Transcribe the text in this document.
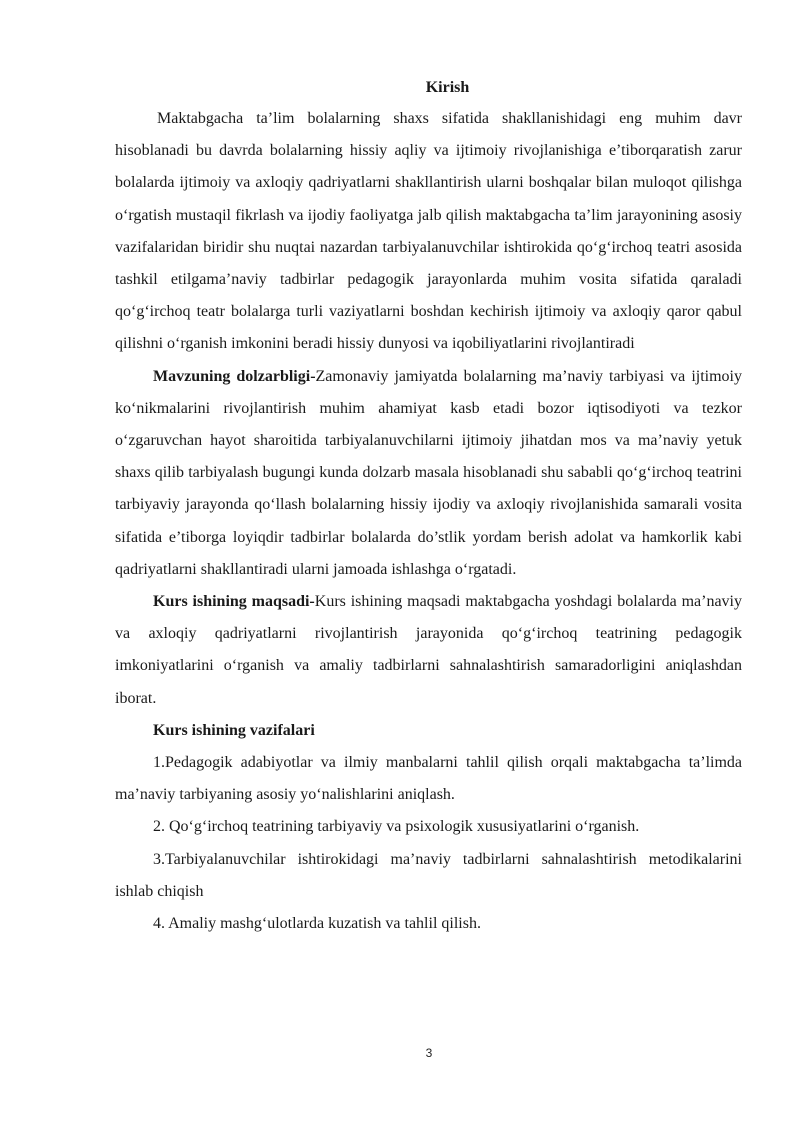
Kirish

Maktabgacha ta’lim bolalarning shaxs sifatida shakllanishidagi eng muhim davr hisoblanadi bu davrda bolalarning hissiy aqliy va ijtimoiy rivojlanishiga e’tiborqaratish zarur bolalarda ijtimoiy va axloqiy qadriyatlarni shakllantirish ularni boshqalar bilan muloqot qilishga o‘rgatish mustaqil fikrlash va ijodiy faoliyatga jalb qilish maktabgacha ta’lim jarayonining asosiy vazifalaridan biridir shu nuqtai nazardan tarbiyalanuvchilar ishtirokida qo‘g‘irchoq teatri asosida tashkil etilgama’naviy tadbirlar pedagogik jarayonlarda muhim vosita sifatida qaraladi qo‘g‘irchoq teatr bolalarga turli vaziyatlarni boshdan kechirish ijtimoiy va axloqiy qaror qabul qilishni o‘rganish imkonini beradi hissiy dunyosi va iqobiliyatlarini rivojlantiradi

Mavzuning dolzarbligi-Zamonaviy jamiyatda bolalarning ma’naviy tarbiyasi va ijtimoiy ko‘nikmalarini rivojlantirish muhim ahamiyat kasb etadi bozor iqtisodiyoti va tezkor o‘zgaruvchan hayot sharoitida tarbiyalanuvchilarni ijtimoiy jihatdan mos va ma’naviy yetuk shaxs qilib tarbiyalash bugungi kunda dolzarb masala hisoblanadi shu sababli qo‘g‘irchoq teatrini tarbiyaviy jarayonda qo‘llash bolalarning hissiy ijodiy va axloqiy rivojlanishida samarali vosita sifatida e’tiborga loyiqdir tadbirlar bolalarda do’stlik yordam berish adolat va hamkorlik kabi qadriyatlarni shakllantiradi ularni jamoada ishlashga o‘rgatadi.

Kurs ishining maqsadi-Kurs ishining maqsadi maktabgacha yoshdagi bolalarda ma’naviy va axloqiy qadriyatlarni rivojlantirish jarayonida qo‘g‘irchoq teatrining pedagogik imkoniyatlarini o‘rganish va amaliy tadbirlarni sahnalashtirish samaradorligini aniqlashdan iborat.

Kurs ishining vazifalari

1.Pedagogik adabiyotlar va ilmiy manbalarni tahlil qilish orqali maktabgacha ta’limda ma’naviy tarbiyaning asosiy yo‘nalishlarini aniqlash.

2. Qo‘g‘irchoq teatrining tarbiyaviy va psixologik xususiyatlarini o‘rganish.

3.Tarbiyalanuvchilar ishtirokidagi ma’naviy tadbirlarni sahnalashtirish metodikalarini ishlab chiqish

4. Amaliy mashg‘ulotlarda kuzatish va tahlil qilish.

3
